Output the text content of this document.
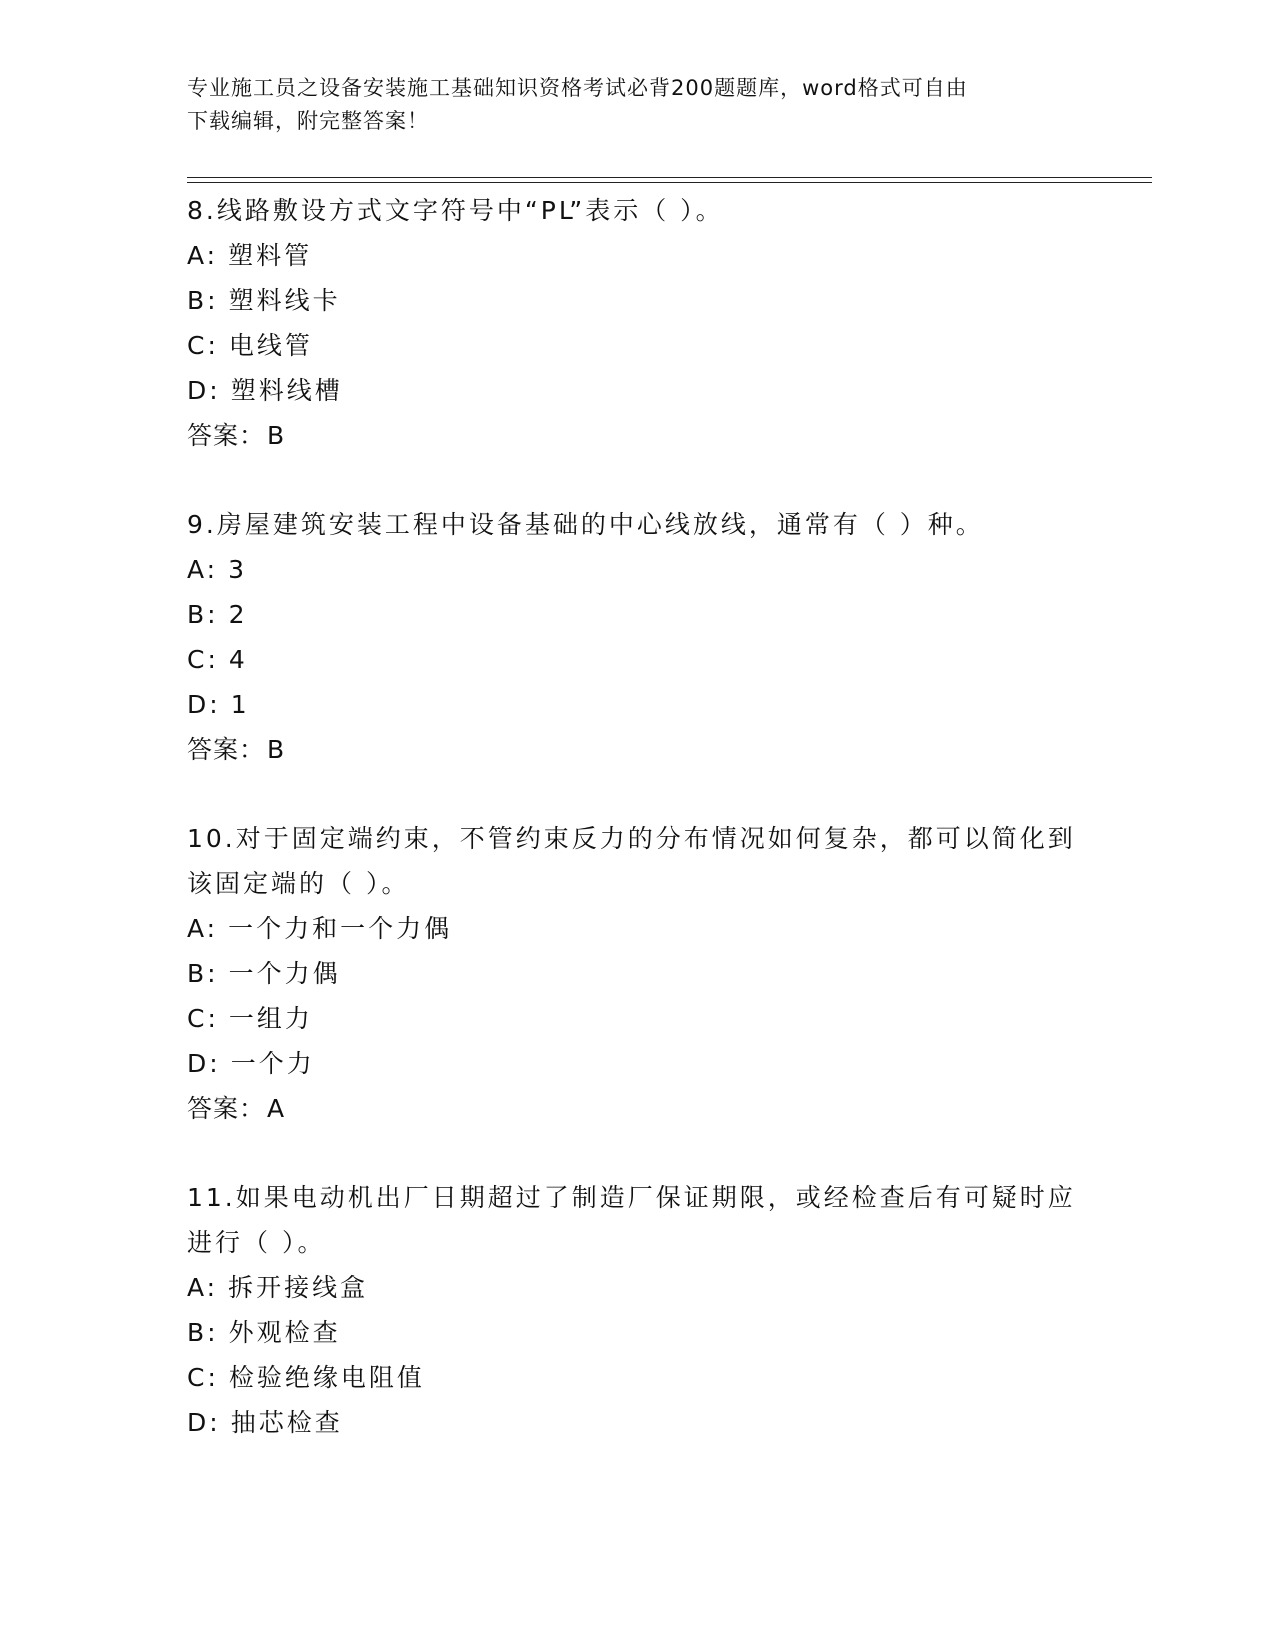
专业施工员之设备安装施工基础知识资格考试必背200题题库，word格式可自由
下载编辑，附完整答案！
8.线路敷设方式文字符号中“PL”表示（ ）。
A: 塑料管
B: 塑料线卡
C: 电线管
D: 塑料线槽
答案：B
9.房屋建筑安装工程中设备基础的中心线放线，通常有（ ）种。
A: 3
B: 2
C: 4
D: 1
答案：B
10.对于固定端约束，不管约束反力的分布情况如何复杂，都可以简化到该固定端的（ ）。
A: 一个力和一个力偶
B: 一个力偶
C: 一组力
D: 一个力
答案：A
11.如果电动机出厂日期超过了制造厂保证期限，或经检查后有可疑时应进行（ ）。
A: 拆开接线盒
B: 外观检查
C: 检验绝缘电阻值
D: 抽芯检查
